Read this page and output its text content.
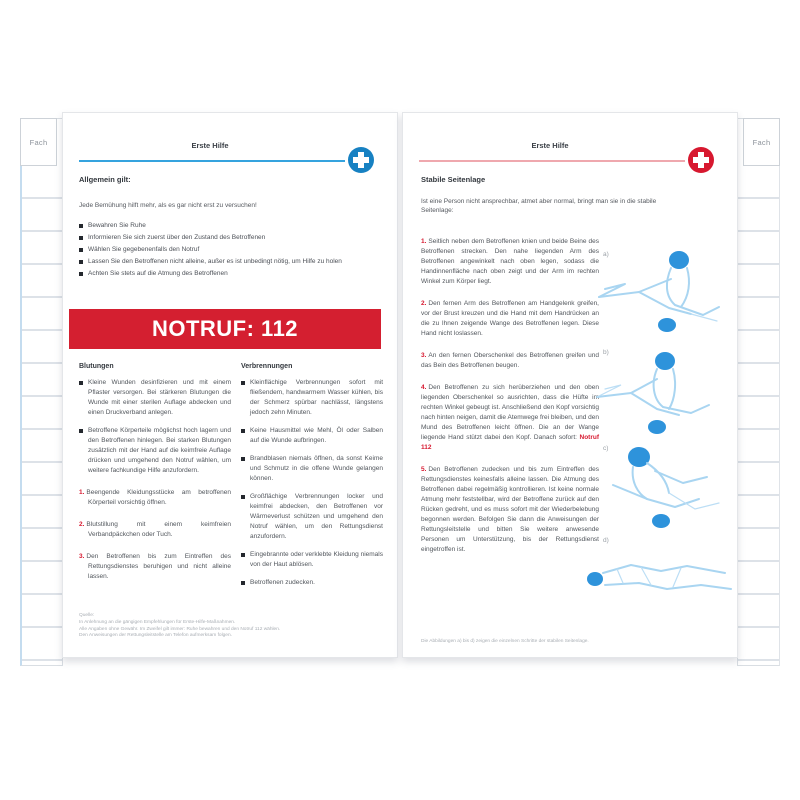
Fach	Fach
Erste Hilfe
Allgemein gilt:
Jede Bemühung hilft mehr, als es gar nicht erst zu versuchen!
Bewahren Sie Ruhe
Informieren Sie sich zuerst über den Zustand des Betroffenen
Wählen Sie gegebenenfalls den Notruf
Lassen Sie den Betroffenen nicht alleine, außer es ist unbedingt nötig, um Hilfe zu holen
Achten Sie stets auf die Atmung des Betroffenen
NOTRUF: 112
Blutungen
Kleine Wunden desinfizieren und mit einem Pflaster versorgen. Bei stärkeren Blutungen die Wunde mit einer sterilen Auflage abdecken und einen Druckverband anlegen.
Betroffene Körperteile möglichst hoch lagern und den Betroffenen hinlegen. Bei starken Blutungen zusätzlich mit der Hand auf die keimfreie Auflage drücken und umgehend den Notruf wählen, um weitere fachkundige Hilfe anzufordern.
1. Beengende Kleidungsstücke am betroffenen Körperteil vorsichtig öffnen.
2. Blutstillung mit einem keimfreien Verbandpäckchen oder Tuch.
3. Den Betroffenen bis zum Eintreffen des Rettungsdienstes beruhigen und nicht alleine lassen.
Verbrennungen
Kleinflächige Verbrennungen sofort mit fließendem, handwarmem Wasser kühlen, bis der Schmerz spürbar nachlässt, längstens jedoch zehn Minuten.
Keine Hausmittel wie Mehl, Öl oder Salben auf die Wunde aufbringen.
Brandblasen niemals öffnen, da sonst Keime und Schmutz in die offene Wunde gelangen können.
Großflächige Verbrennungen locker und keimfrei abdecken, den Betroffenen vor Wärmeverlust schützen und umgehend den Notruf wählen, um den Rettungsdienst anzufordern.
Eingebrannte oder verklebte Kleidung niemals von der Haut ablösen.
Betroffenen zudecken.
Quelle:
In Anlehnung an die gängigen Empfehlungen für Erste-Hilfe-Maßnahmen.
Alle Angaben ohne Gewähr. Im Zweifel gilt immer: Ruhe bewahren und den Notruf 112 wählen.
Den Anweisungen der Rettungsleitstelle am Telefon aufmerksam folgen.
Erste Hilfe
Stabile Seitenlage
Ist eine Person nicht ansprechbar, atmet aber normal, bringt man sie in die stabile Seitenlage:
1. Seitlich neben dem Betroffenen knien und beide Beine des Betroffenen strecken. Den nahe liegenden Arm des Betroffenen angewinkelt nach oben legen, sodass die Handinnenfläche nach oben zeigt und der Arm im rechten Winkel zum Körper liegt.
2. Den fernen Arm des Betroffenen am Handgelenk greifen, vor der Brust kreuzen und die Hand mit dem Handrücken an die zu Ihnen zeigende Wange des Betroffenen legen. Diese Hand nicht loslassen.
3. An den fernen Oberschenkel des Betroffenen greifen und das Bein des Betroffenen beugen.
4. Den Betroffenen zu sich herüberziehen und den oben liegenden Oberschenkel so ausrichten, dass die Hüfte im rechten Winkel gebeugt ist. Anschließend den Kopf vorsichtig nach hinten neigen, damit die Atemwege frei bleiben, und den Mund des Betroffenen leicht öffnen. Die an der Wange liegende Hand stützt dabei den Kopf. Danach sofort: Notruf 112
5. Den Betroffenen zudecken und bis zum Eintreffen des Rettungsdienstes keinesfalls alleine lassen. Die Atmung des Betroffenen dabei regelmäßig kontrollieren. Ist keine normale Atmung mehr feststellbar, wird der Betroffene zurück auf den Rücken gedreht, und es muss sofort mit der Wiederbelebung begonnen werden. Befolgen Sie dann die Anweisungen der Rettungsleitstelle und bitten Sie weitere anwesende Personen um Unterstützung, bis der Rettungsdienst eingetroffen ist.
a)
b)
c)
d)
Die Abbildungen a) bis d) zeigen die einzelnen Schritte der stabilen Seitenlage.
